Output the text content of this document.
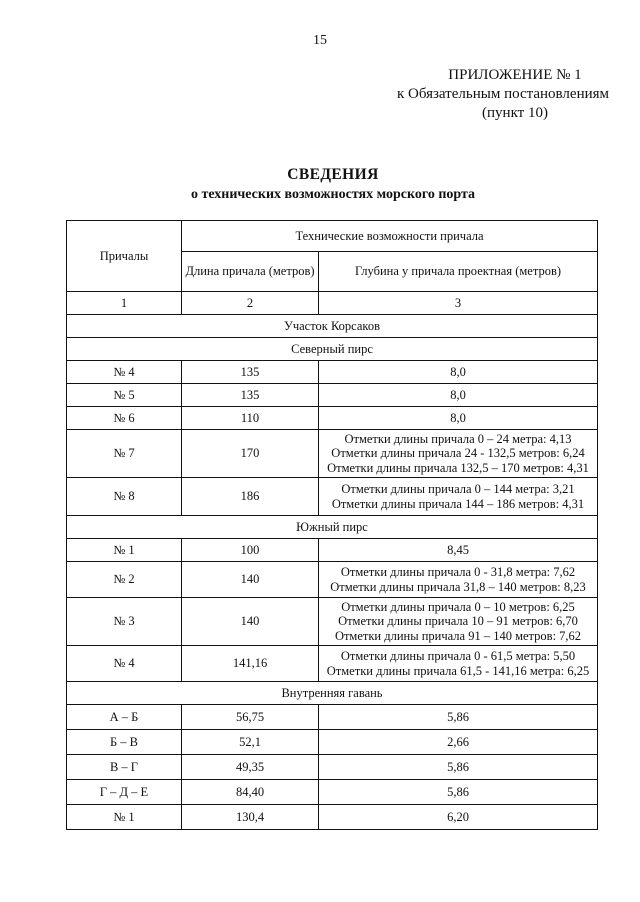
15
ПРИЛОЖЕНИЕ № 1
к Обязательным постановлениям
(пункт 10)
СВЕДЕНИЯ
о технических возможностях морского порта
Причалы	Технические возможности причала	
	Длина причала (метров)	Глубина у причала проектная (метров)
1	2	3
Участок Корсаков		
Северный пирс		
№ 4	135	8,0

№ 5	135	8,0

№ 6	110	8,0

№ 7	170	Отметки длины причала 0 – 24 метра: 4,13
Отметки длины причала 24 - 132,5 метров: 6,24
Отметки длины причала 132,5 – 170 метров: 4,31

№ 8	186	Отметки длины причала 0 – 144 метра: 3,21
Отметки длины причала 144 – 186 метров: 4,31

Южный пирс		
№ 1	100	8,45

№ 2	140	Отметки длины причала 0 - 31,8 метра: 7,62
Отметки длины причала 31,8 – 140 метров: 8,23

№ 3	140	Отметки длины причала 0 – 10 метров: 6,25
Отметки длины причала 10 – 91 метров: 6,70
Отметки длины причала 91 – 140 метров: 7,62

№ 4	141,16	Отметки длины причала 0 - 61,5 метра: 5,50
Отметки длины причала 61,5 - 141,16 метра: 6,25

Внутренняя гавань		
А – Б	56,75	5,86

Б – В	52,1	2,66

В – Г	49,35	5,86

Г – Д – Е	84,40	5,86

№ 1	130,4	6,20
